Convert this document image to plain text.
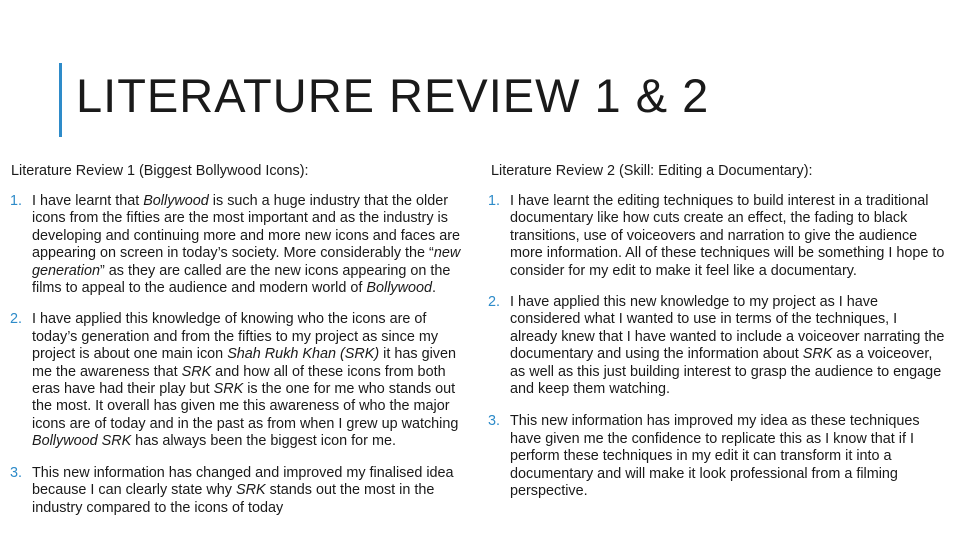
LITERATURE REVIEW 1 & 2
Literature Review 1 (Biggest Bollywood Icons):
1. I have learnt that Bollywood is such a huge industry that the older icons from the fifties are the most important and as the industry is developing and continuing more and more new icons and faces are appearing on screen in today’s society. More considerably the “new generation” as they are called are the new icons appearing on the films to appeal to the audience and modern world of Bollywood.
2. I have applied this knowledge of knowing who the icons are of today’s generation and from the fifties to my project as since my project is about one main icon Shah Rukh Khan (SRK) it has given me the awareness that SRK and how all of these icons from both eras have had their play but SRK is the one for me who stands out the most. It overall has given me this awareness of who the major icons are of today and in the past as from when I grew up watching Bollywood SRK has always been the biggest icon for me.
3. This new information has changed and improved my finalised idea because I can clearly state why SRK stands out the most in the industry compared to the icons of today
Literature Review 2 (Skill: Editing a Documentary):
1. I have learnt the editing techniques to build interest in a traditional documentary like how cuts create an effect, the fading to black transitions, use of voiceovers and narration to give the audience more information. All of these techniques will be something I hope to consider for my edit to make it feel like a documentary.
2. I have applied this new knowledge to my project as I have considered what I wanted to use in terms of the techniques, I already knew that I have wanted to include a voiceover narrating the documentary and using the information about SRK as a voiceover, as well as this just building interest to grasp the audience to engage and keep them watching.
3. This new information has improved my idea as these techniques have given me the confidence to replicate this as I know that if I perform these techniques in my edit it can transform it into a documentary and will make it look professional from a filming perspective.
